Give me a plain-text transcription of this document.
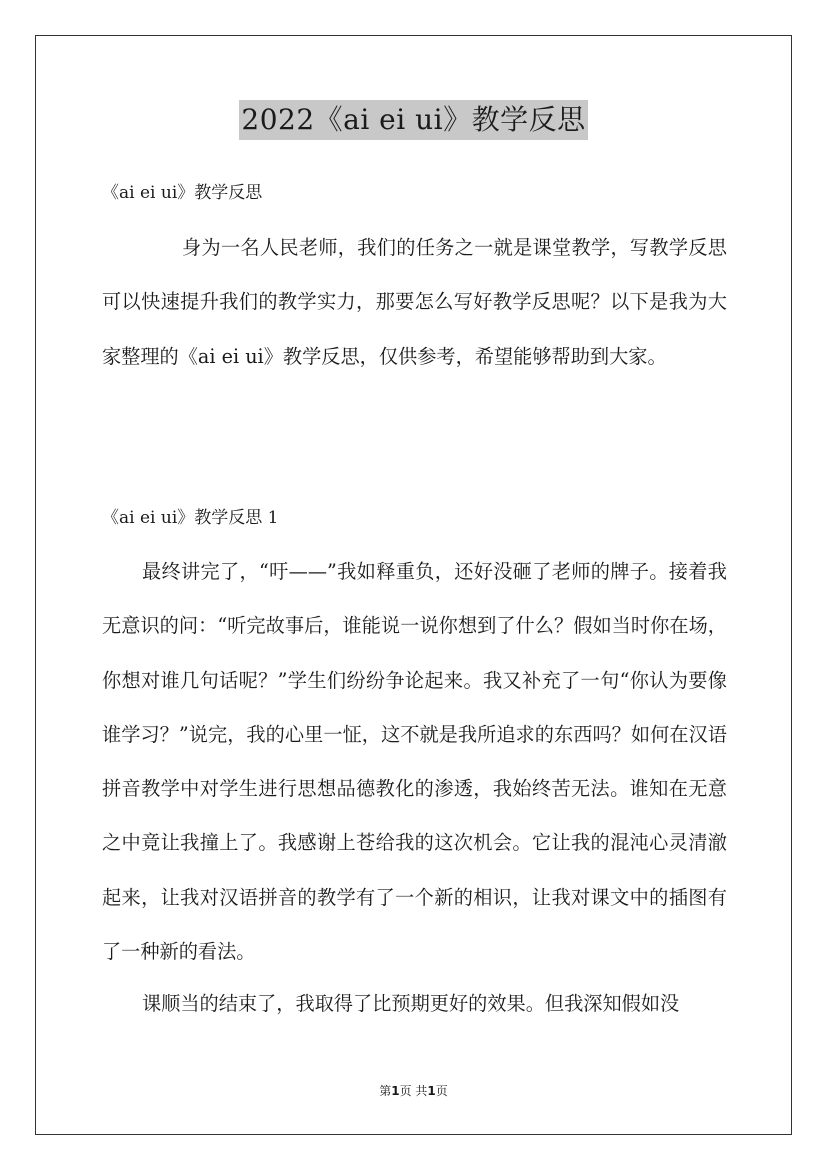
2022《ai ei ui》教学反思
《ai ei ui》教学反思

身为一名人民老师，我们的任务之一就是课堂教学，写教学反思可以快速提升我们的教学实力，那要怎么写好教学反思呢？以下是我为大家整理的《ai ei ui》教学反思，仅供参考，希望能够帮助到大家。

《ai ei ui》教学反思 1

最终讲完了，“吁——”我如释重负，还好没砸了老师的牌子。接着我无意识的问：“听完故事后，谁能说一说你想到了什么？假如当时你在场，你想对谁几句话呢？”学生们纷纷争论起来。我又补充了一句“你认为要像谁学习？”说完，我的心里一怔，这不就是我所追求的东西吗？如何在汉语拼音教学中对学生进行思想品德教化的渗透，我始终苦无法。谁知在无意之中竟让我撞上了。我感谢上苍给我的这次机会。它让我的混沌心灵清澈起来，让我对汉语拼音的教学有了一个新的相识，让我对课文中的插图有了一种新的看法。

课顺当的结束了，我取得了比预期更好的效果。但我深知假如没

第1页 共1页
